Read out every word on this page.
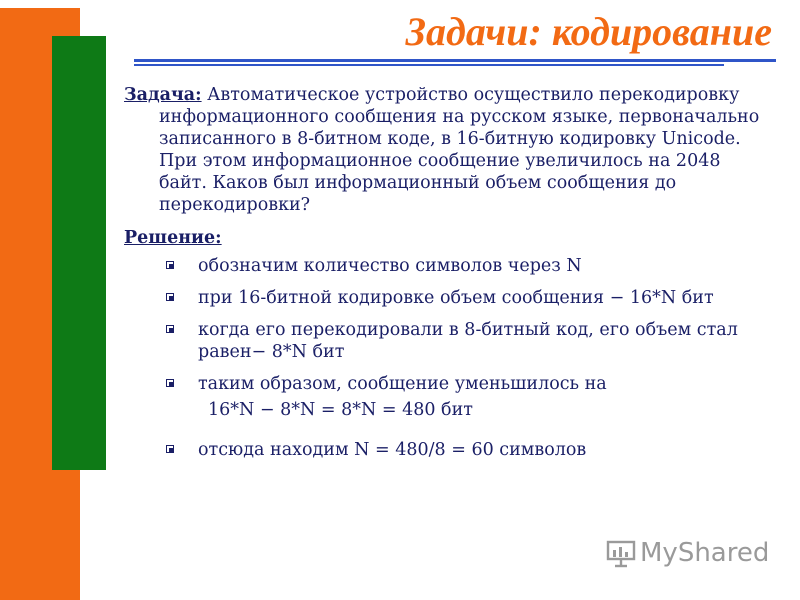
Задачи: кодирование
Задача: Автоматическое устройство осуществило перекодировку информационного сообщения на русском языке, первоначально записанного в 8-битном коде, в 16-битную кодировку Unicode. При этом информационное сообщение увеличилось на 2048 байт. Каков был информационный объем сообщения до перекодировки?
Решение:
обозначим количество символов через N
при 16-битной кодировке объем сообщения − 16*N бит
когда его перекодировали в 8-битный код, его объем стал равен− 8*N бит
таким образом, сообщение уменьшилось на
16*N − 8*N = 8*N = 480 бит
отсюда находим N = 480/8 = 60 символов
MyShared
